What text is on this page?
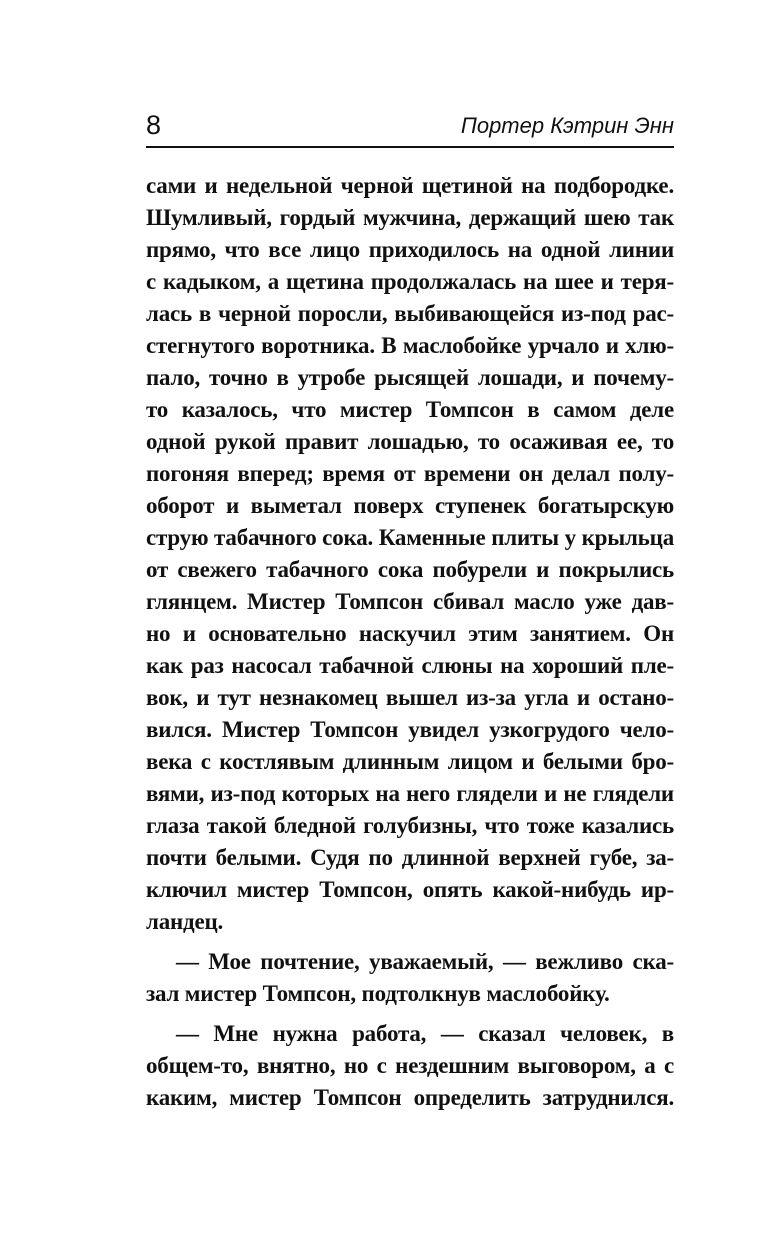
8	Портер Кэтрин Энн
сами и недельной черной щетиной на подбородке.
Шумливый, гордый мужчина, держащий шею так
прямо, что все лицо приходилось на одной линии
с кадыком, а щетина продолжалась на шее и теря-
лась в черной поросли, выбивающейся из-под рас-
стегнутого воротника. В маслобойке урчало и хлю-
пало, точно в утробе рысящей лошади, и почему-
то казалось, что мистер Томпсон в самом деле
одной рукой правит лошадью, то осаживая ее, то
погоняя вперед; время от времени он делал полу-
оборот и выметал поверх ступенек богатырскую
струю табачного сока. Каменные плиты у крыльца
от свежего табачного сока побурели и покрылись
глянцем. Мистер Томпсон сбивал масло уже дав-
но и основательно наскучил этим занятием. Он
как раз насосал табачной слюны на хороший пле-
вок, и тут незнакомец вышел из-за угла и остано-
вился. Мистер Томпсон увидел узкогрудого чело-
века с костлявым длинным лицом и белыми бро-
вями, из-под которых на него глядели и не глядели
глаза такой бледной голубизны, что тоже казались
почти белыми. Судя по длинной верхней губе, за-
ключил мистер Томпсон, опять какой-нибудь ир-
ландец.
— Мое почтение, уважаемый, — вежливо ска-
зал мистер Томпсон, подтолкнув маслобойку.
— Мне нужна работа, — сказал человек, в
общем-то, внятно, но с нездешним выговором, а с
каким, мистер Томпсон определить затруднился.
